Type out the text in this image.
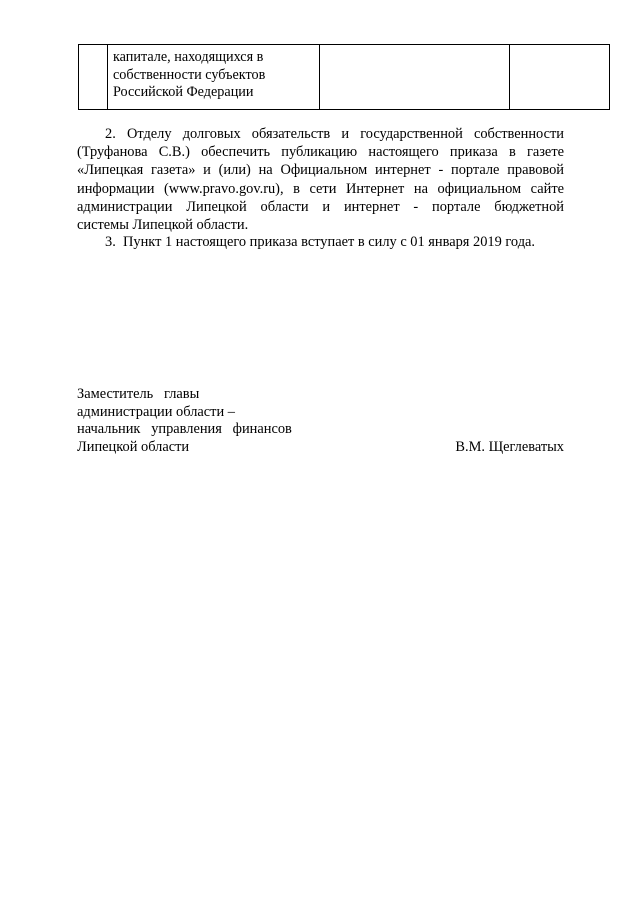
капитале, находящихся в
собственности субъектов
Российской Федерации

2. Отделу долговых обязательств и государственной собственности
(Труфанова С.В.) обеспечить публикацию настоящего приказа в газете
«Липецкая газета» и (или) на Официальном интернет - портале правовой
информации (www.pravo.gov.ru), в сети Интернет на официальном сайте
администрации Липецкой области и интернет - портале бюджетной
системы Липецкой области.
3.  Пункт 1 настоящего приказа вступает в силу с 01 января 2019 года.
Заместитель   главы
администрации области –
начальник   управления   финансов
Липецкой области	В.М. Щеглеватых
